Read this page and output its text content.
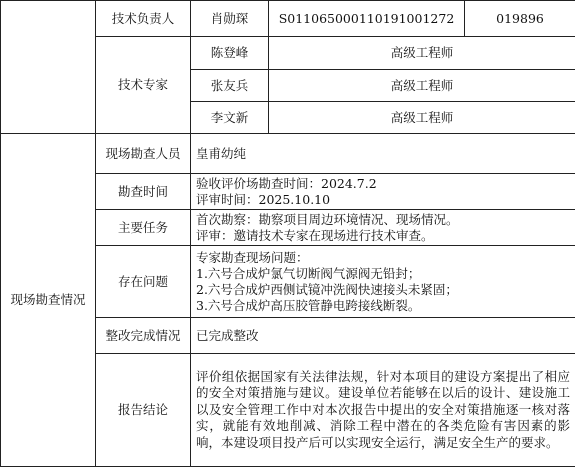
	技术负责人	肖勋琛	S011065000110191001272	019896
	技术专家	陈登峰	高级工程师	
		张友兵	高级工程师	
		李文新	高级工程师	
现场勘查情况	现场勘查人员	皇甫幼纯		
	勘查时间	验收评价场勘查时间：2024.7.2
评审时间：2025.10.10		

	主要任务	首次勘察：勘察项目周边环境情况、现场情况。
评审：邀请技术专家在现场进行技术审查。		

	存在问题	专家勘查现场问题：
1.六号合成炉氯气切断阀气源阀无铅封；
2.六号合成炉西侧试镜冲洗阀快速接头未紧固；
3.六号合成炉高压胶管静电跨接线断裂。		

	整改完成情况	已完成整改		
	报告结论	评价组依据国家有关法律法规，针对本项目的建设方案提出了相应的安全对策措施与建议。建设单位若能够在以后的设计、建设施工以及安全管理工作中对本次报告中提出的安全对策措施逐一核对落实，就能有效地削减、消除工程中潜在的各类危险有害因素的影响，本建设项目投产后可以实现安全运行，满足安全生产的要求。		
